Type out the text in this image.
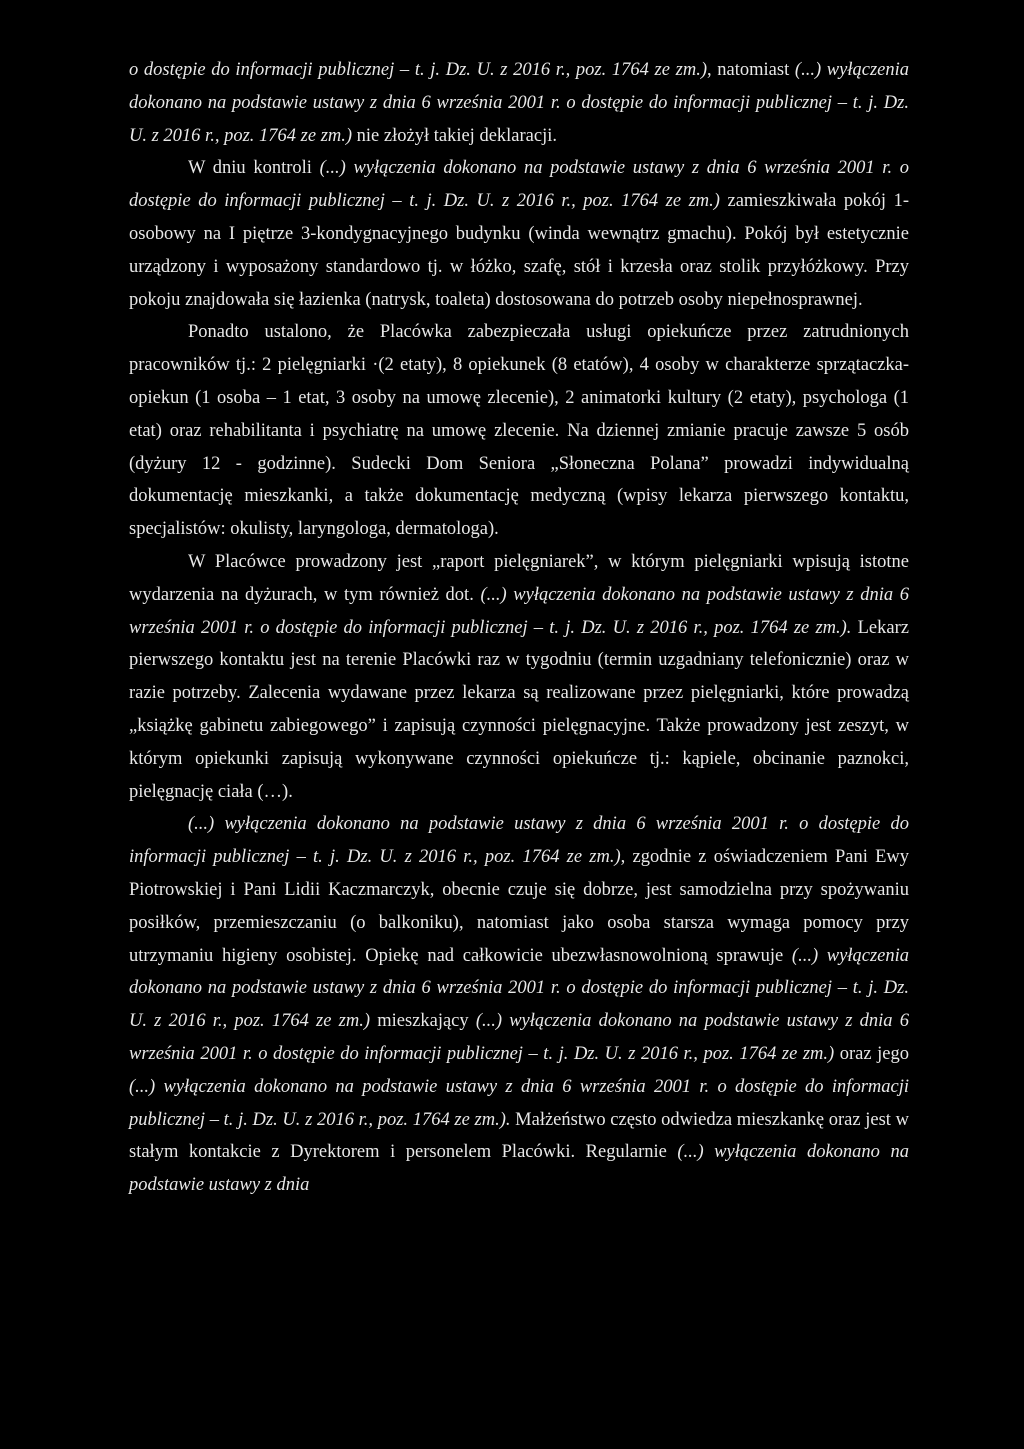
o dostępie do informacji publicznej – t. j. Dz. U. z 2016 r., poz. 1764 ze zm.), natomiast (...) wyłączenia dokonano na podstawie ustawy z dnia 6 września 2001 r. o dostępie do informacji publicznej – t. j. Dz. U. z 2016 r., poz. 1764 ze zm.) nie złożył takiej deklaracji.

W dniu kontroli (...) wyłączenia dokonano na podstawie ustawy z dnia 6 września 2001 r. o dostępie do informacji publicznej – t. j. Dz. U. z 2016 r., poz. 1764 ze zm.) zamieszkiwała pokój 1-osobowy na I piętrze 3-kondygnacyjnego budynku (winda wewnątrz gmachu). Pokój był estetycznie urządzony i wyposażony standardowo tj. w łóżko, szafę, stół i krzesła oraz stolik przyłóżkowy. Przy pokoju znajdowała się łazienka (natrysk, toaleta) dostosowana do potrzeb osoby niepełnosprawnej.

Ponadto ustalono, że Placówka zabezpieczała usługi opiekuńcze przez zatrudnionych pracowników tj.: 2 pielęgniarki ·(2 etaty), 8 opiekunek (8 etatów), 4 osoby w charakterze sprzątaczka-opiekun (1 osoba – 1 etat, 3 osoby na umowę zlecenie), 2 animatorki kultury (2 etaty), psychologa (1 etat) oraz rehabilitanta i psychiatrę na umowę zlecenie. Na dziennej zmianie pracuje zawsze 5 osób (dyżury 12 - godzinne). Sudecki Dom Seniora „Słoneczna Polana” prowadzi indywidualną dokumentację mieszkanki, a także dokumentację medyczną (wpisy lekarza pierwszego kontaktu, specjalistów: okulisty, laryngologa, dermatologa).

W Placówce prowadzony jest „raport pielęgniarek”, w którym pielęgniarki wpisują istotne wydarzenia na dyżurach, w tym również dot. (...) wyłączenia dokonano na podstawie ustawy z dnia 6 września 2001 r. o dostępie do informacji publicznej – t. j. Dz. U. z 2016 r., poz. 1764 ze zm.). Lekarz pierwszego kontaktu jest na terenie Placówki raz w tygodniu (termin uzgadniany telefonicznie) oraz w razie potrzeby. Zalecenia wydawane przez lekarza są realizowane przez pielęgniarki, które prowadzą „książkę gabinetu zabiegowego” i zapisują czynności pielęgnacyjne. Także prowadzony jest zeszyt, w którym opiekunki zapisują wykonywane czynności opiekuńcze tj.: kąpiele, obcinanie paznokci, pielęgnację ciała (…).

(...) wyłączenia dokonano na podstawie ustawy z dnia 6 września 2001 r. o dostępie do informacji publicznej – t. j. Dz. U. z 2016 r., poz. 1764 ze zm.), zgodnie z oświadczeniem Pani Ewy Piotrowskiej i Pani Lidii Kaczmarczyk, obecnie czuje się dobrze, jest samodzielna przy spożywaniu posiłków, przemieszczaniu (o balkoniku), natomiast jako osoba starsza wymaga pomocy przy utrzymaniu higieny osobistej. Opiekę nad całkowicie ubezwłasnowolnioną sprawuje (...) wyłączenia dokonano na podstawie ustawy z dnia 6 września 2001 r. o dostępie do informacji publicznej – t. j. Dz. U. z 2016 r., poz. 1764 ze zm.) mieszkający (...) wyłączenia dokonano na podstawie ustawy z dnia 6 września 2001 r. o dostępie do informacji publicznej – t. j. Dz. U. z 2016 r., poz. 1764 ze zm.) oraz jego (...) wyłączenia dokonano na podstawie ustawy z dnia 6 września 2001 r. o dostępie do informacji publicznej – t. j. Dz. U. z 2016 r., poz. 1764 ze zm.). Małżeństwo często odwiedza mieszkankę oraz jest w stałym kontakcie z Dyrektorem i personelem Placówki. Regularnie (...) wyłączenia dokonano na podstawie ustawy z dnia
